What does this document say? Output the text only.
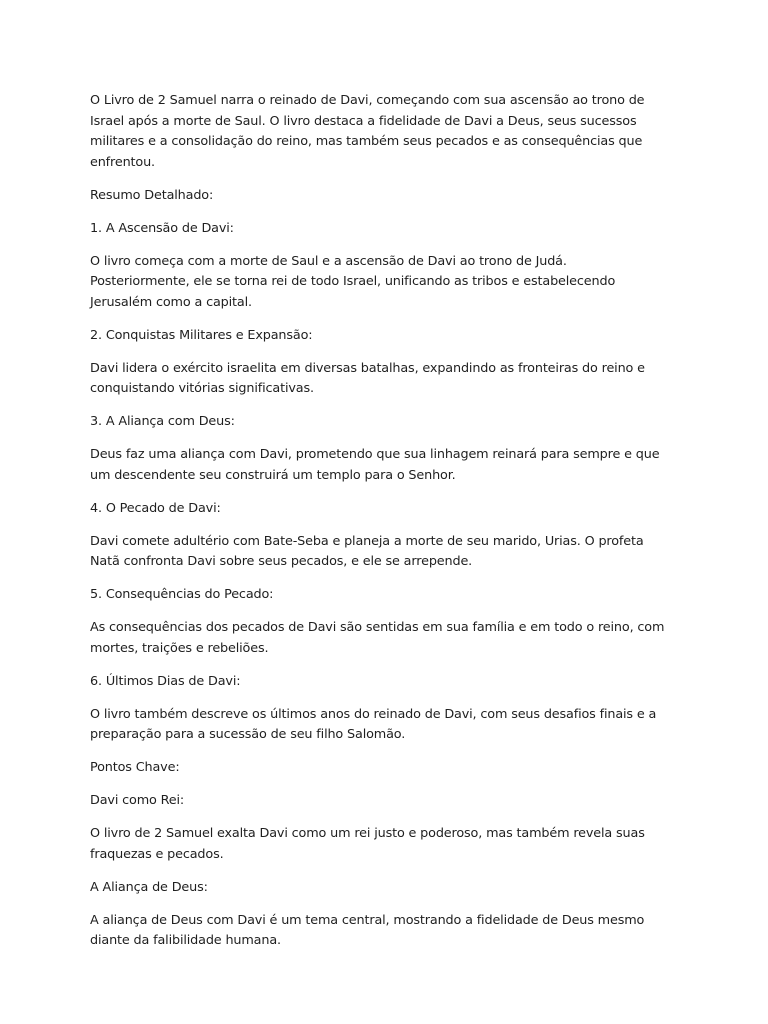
O Livro de 2 Samuel narra o reinado de Davi, começando com sua ascensão ao trono de Israel após a morte de Saul. O livro destaca a fidelidade de Davi a Deus, seus sucessos militares e a consolidação do reino, mas também seus pecados e as consequências que enfrentou.

Resumo Detalhado:

1. A Ascensão de Davi:

O livro começa com a morte de Saul e a ascensão de Davi ao trono de Judá. Posteriormente, ele se torna rei de todo Israel, unificando as tribos e estabelecendo Jerusalém como a capital.

2. Conquistas Militares e Expansão:

Davi lidera o exército israelita em diversas batalhas, expandindo as fronteiras do reino e conquistando vitórias significativas.

3. A Aliança com Deus:

Deus faz uma aliança com Davi, prometendo que sua linhagem reinará para sempre e que um descendente seu construirá um templo para o Senhor.

4. O Pecado de Davi:

Davi comete adultério com Bate-Seba e planeja a morte de seu marido, Urias. O profeta Natã confronta Davi sobre seus pecados, e ele se arrepende.

5. Consequências do Pecado:

As consequências dos pecados de Davi são sentidas em sua família e em todo o reino, com mortes, traições e rebeliões.

6. Últimos Dias de Davi:

O livro também descreve os últimos anos do reinado de Davi, com seus desafios finais e a preparação para a sucessão de seu filho Salomão.

Pontos Chave:

Davi como Rei:

O livro de 2 Samuel exalta Davi como um rei justo e poderoso, mas também revela suas fraquezas e pecados.

A Aliança de Deus:

A aliança de Deus com Davi é um tema central, mostrando a fidelidade de Deus mesmo diante da falibilidade humana.
